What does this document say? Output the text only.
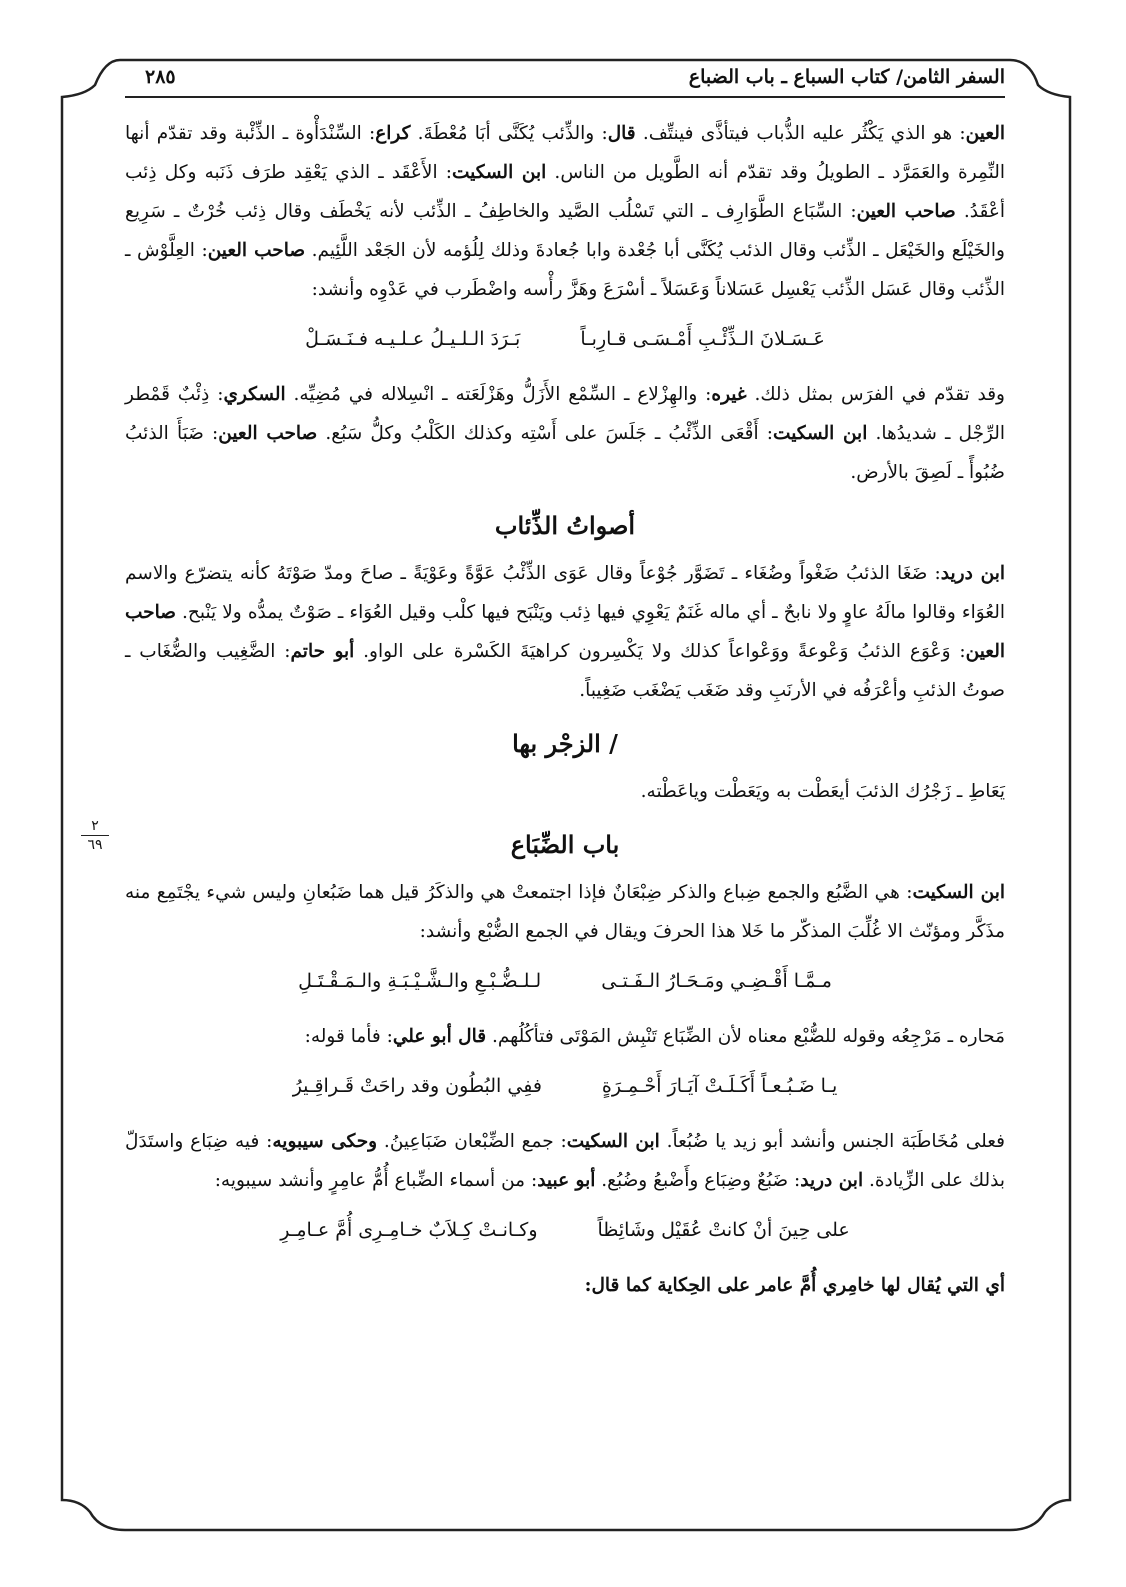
٢
٦٩
السفر الثامن/ كتاب السباع ـ باب الضباع
٢٨٥

العين: هو الذي يَكْثُر عليه الذُّباب فيتأذَّى فينتِّف. قال: والذِّئب يُكَنَّى أبَا مُعْطَةَ. كراع: السِّنْدَأْوة ـ الذِّئْبة وقد تقدّم أنها النِّمِرة والعَمَرَّد ـ الطويلُ وقد تقدّم أنه الطَّويل من الناس. ابن السكيت: الأَعْقَد ـ الذي يَعْقِد طرَف ذَنَبه وكل ذِئب أعْقَدُ. صاحب العين: السِّبَاع الطَّوَارِف ـ التي تَسْلُب الصَّيد والخاطِفُ ـ الذِّئب لأنه يَخْطَف وقال ذِئب خُرْتٌ ـ سَرِيع والخَيْلَع والخَيْعَل ـ الذِّئب وقال الذئب يُكَنَّى أبا جُعْدة وابا جُعادةَ وذلك لِلُؤمه لأن الجَعْد اللَّئِيم. صاحب العين: العِلَّوْش ـ الذِّئب وقال عَسَل الذِّئب يَعْسِل عَسَلاناً وَعَسَلاً ـ أسْرَعَ وهَزَّ رأْسه واضْطَرب في عَدْوِه وأنشد:

عَـسَـلانَ الـذِّئْـبِ أَمْـسَـى قـارِبـاً
بَـرَدَ الـلـيـلُ عـلـيـه فـنَـسَـلْ

وقد تقدّم في الفرَس بمثل ذلك. غيره: والهِزْلاع ـ السِّمْع الأَزَلُّ وهَزْلَعَته ـ انْسِلاله في مُضِيِّه. السكري: ذِئْبٌ قَمْطر الرِّجْل ـ شديدُها. ابن السكيت: أَقْعَى الذِّئْبُ ـ جَلَسَ على أَسْتِه وكذلك الكَلْبُ وكلُّ سَبُع. صاحب العين: ضَبَأَ الذئبُ ضُبُوأً ـ لَصِقَ بالأرض.

أصواتُ الذِّئاب

ابن دريد: ضَغَا الذئبُ ضَغْواً وضُغَاء ـ تَضَوَّر جُوْعاً وقال عَوَى الذِّئْبُ عَوَّةً وعَوْيَةً ـ صاحَ ومدّ صَوْتَهُ كأنه يتضرّع والاسم العُوَاء وقالوا مالَهُ عاوٍ ولا نابحٌ ـ أي ماله غَنَمٌ يَعْوِي فيها ذِئب ويَنْبَح فيها كلْب وقيل العُوَاء ـ صَوْتٌ يمدُّه ولا يَنْبح. صاحب العين: وَعْوَع الذئبُ وَعْوعةً ووَعْواعاً كذلك ولا يَكْسِرون كراهيَةَ الكَسْرة على الواو. أبو حاتم: الضَّغِيب والضُّغَاب ـ صوتُ الذئبِ وأعْرَفُه في الأرنَبِ وقد ضَغَب يَضْغَب ضَغِيباً.

/ الزجْر بها

يَعَاطِ ـ زَجْرُك الذئبَ أيعَطْت به ويَعَطْت وياعَطْته.

باب الضِّبَاع

ابن السكيت: هي الضَّبُع والجمع ضِباع والذكر ضِبْعَانٌ فإذا اجتمعتْ هي والذكَرُ قيل هما ضَبُعانِ وليس شيء يجْتَمِع منه مذَكَّر ومؤنّث الا غُلِّبَ المذكّر ما خَلا هذا الحرفَ ويقال في الجمع الضُّبْع وأنشد:

مـمَّـا أَقْـضِـي ومَـحَـارُ الـفَـتـى
لـلـضُّـبْـعِ والـشَّـيْـبَـةِ والـمَـقْـتَـلِ

مَحاره ـ مَرْجِعُه وقوله للضُّبْع معناه لأن الضِّبَاع تَنْبِش المَوْتَى فتأكُلُهم. قال أبو علي: فأما قوله:

يـا ضَـبُـعـاً أَكَـلَـتْ آيَـارَ أَحْـمِـرَةٍ
ففِي البُطُون وقد راحَتْ قَـراقِـيرُ

فعلى مُخَاطَبَة الجنس وأنشد أبو زيد يا ضُبُعاً. ابن السكيت: جمع الضِّبْعان ضَبَاعِينُ. وحكى سيبويه: فيه ضِبَاع واستَدَلّ بذلك على الزِّيادة. ابن دريد: ضَبُعٌ وضِبَاع وأَضْبعُ وضُبُع. أبو عبيد: من أسماء الضِّباع أُمُّ عامِرٍ وأنشد سيبويه:

على حِينَ أنْ كانتْ عُقَيْل وشَائِظاً
وكـانـتْ كِـلاَبٌ خـامِـرِى أُمَّ عـامِـرِ

أي التي يُقال لها خامِري أُمَّ عامر على الحِكاية كما قال:
